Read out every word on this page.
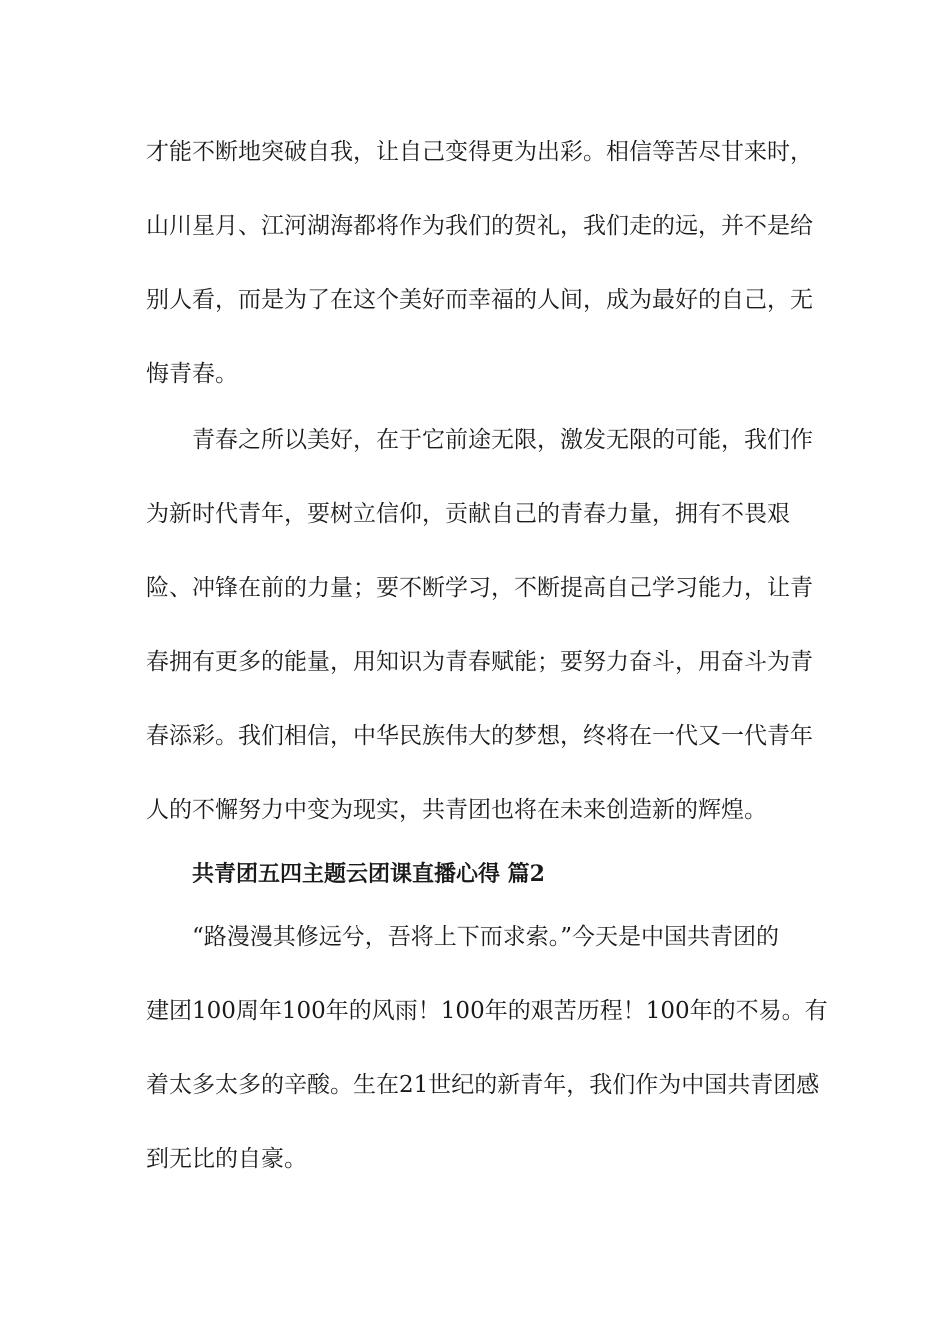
才能不断地突破自我，让自己变得更为出彩。相信等苦尽甘来时，
山川星月、江河湖海都将作为我们的贺礼，我们走的远，并不是给
别人看，而是为了在这个美好而幸福的人间，成为最好的自己，无
悔青春。
青春之所以美好，在于它前途无限，激发无限的可能，我们作
为新时代青年，要树立信仰，贡献自己的青春力量，拥有不畏艰
险、冲锋在前的力量；要不断学习，不断提高自己学习能力，让青
春拥有更多的能量，用知识为青春赋能；要努力奋斗，用奋斗为青
春添彩。我们相信，中华民族伟大的梦想，终将在一代又一代青年
人的不懈努力中变为现实，共青团也将在未来创造新的辉煌。
共青团五四主题云团课直播心得 篇2
“路漫漫其修远兮，吾将上下而求索。”今天是中国共青团的
建团100周年100年的风雨！100年的艰苦历程！100年的不易。有
着太多太多的辛酸。生在21世纪的新青年，我们作为中国共青团感
到无比的自豪。
